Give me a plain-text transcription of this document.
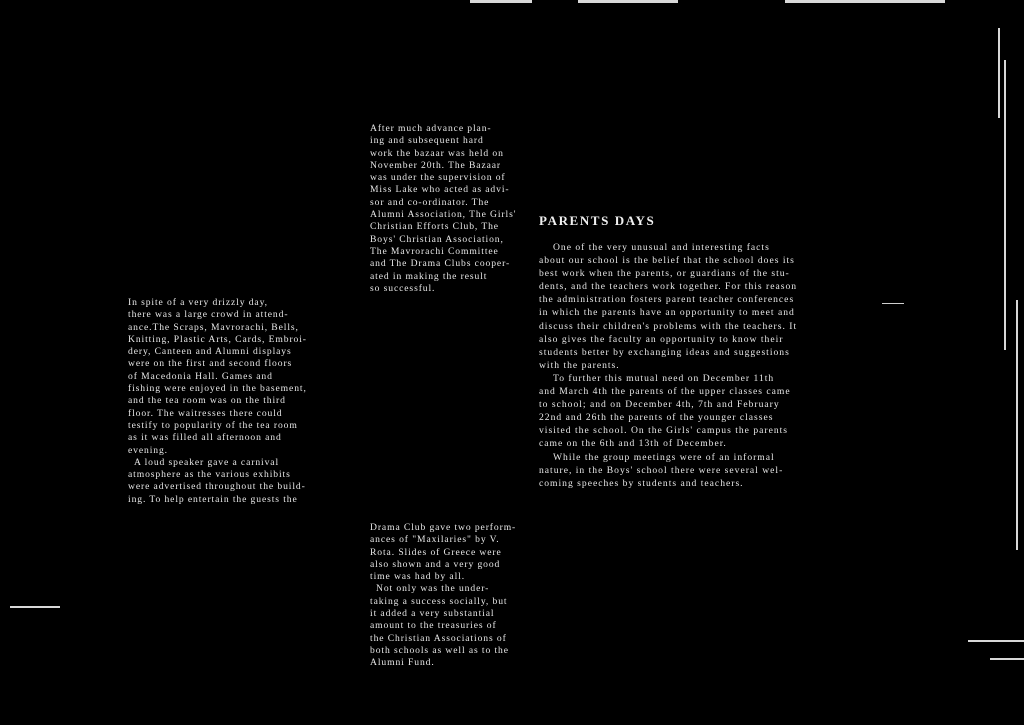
After much advance plan-
ing and subsequent hard
work the bazaar was held on
November 20th. The Bazaar
was under the supervision of
Miss Lake who acted as advi-
sor and co-ordinator. The
Alumni Association, The Girls'
Christian Efforts Club, The
Boys' Christian Association,
The Mavrorachi Committee
and The Drama Clubs cooper-
ated in making the result
so successful.
In spite of a very drizzly day,
there was a large crowd in attend-
ance.The Scraps, Mavrorachi, Bells,
Knitting, Plastic Arts, Cards, Embroi-
dery, Canteen and Alumni displays
were on the first and second floors
of Macedonia Hall. Games and
fishing were enjoyed in the basement,
and the tea room was on the third
floor. The waitresses there could
testify to popularity of the tea room
as it was filled all afternoon and
evening.
A loud speaker gave a carnival
atmosphere as the various exhibits
were advertised throughout the build-
ing. To help entertain the guests the
Drama Club gave two perform-
ances of "Maxilaries" by V.
Rota. Slides of Greece were
also shown and a very good
time was had by all.
Not only was the under-
taking a success socially, but
it added a very substantial
amount to the treasuries of
the Christian Associations of
both schools as well as to the
Alumni Fund.
PARENTS DAYS
One of the very unusual and interesting facts
about our school is the belief that the school does its
best work when the parents, or guardians of the stu-
dents, and the teachers work together. For this reason
the administration fosters parent teacher conferences
in which the parents have an opportunity to meet and
discuss their children's problems with the teachers. It
also gives the faculty an opportunity to know their
students better by exchanging ideas and suggestions
with the parents.
To further this mutual need on December 11th
and March 4th the parents of the upper classes came
to school; and on December 4th, 7th and February
22nd and 26th the parents of the younger classes
visited the school. On the Girls' campus the parents
came on the 6th and 13th of December.
While the group meetings were of an informal
nature, in the Boys' school there were several wel-
coming speeches by students and teachers.
